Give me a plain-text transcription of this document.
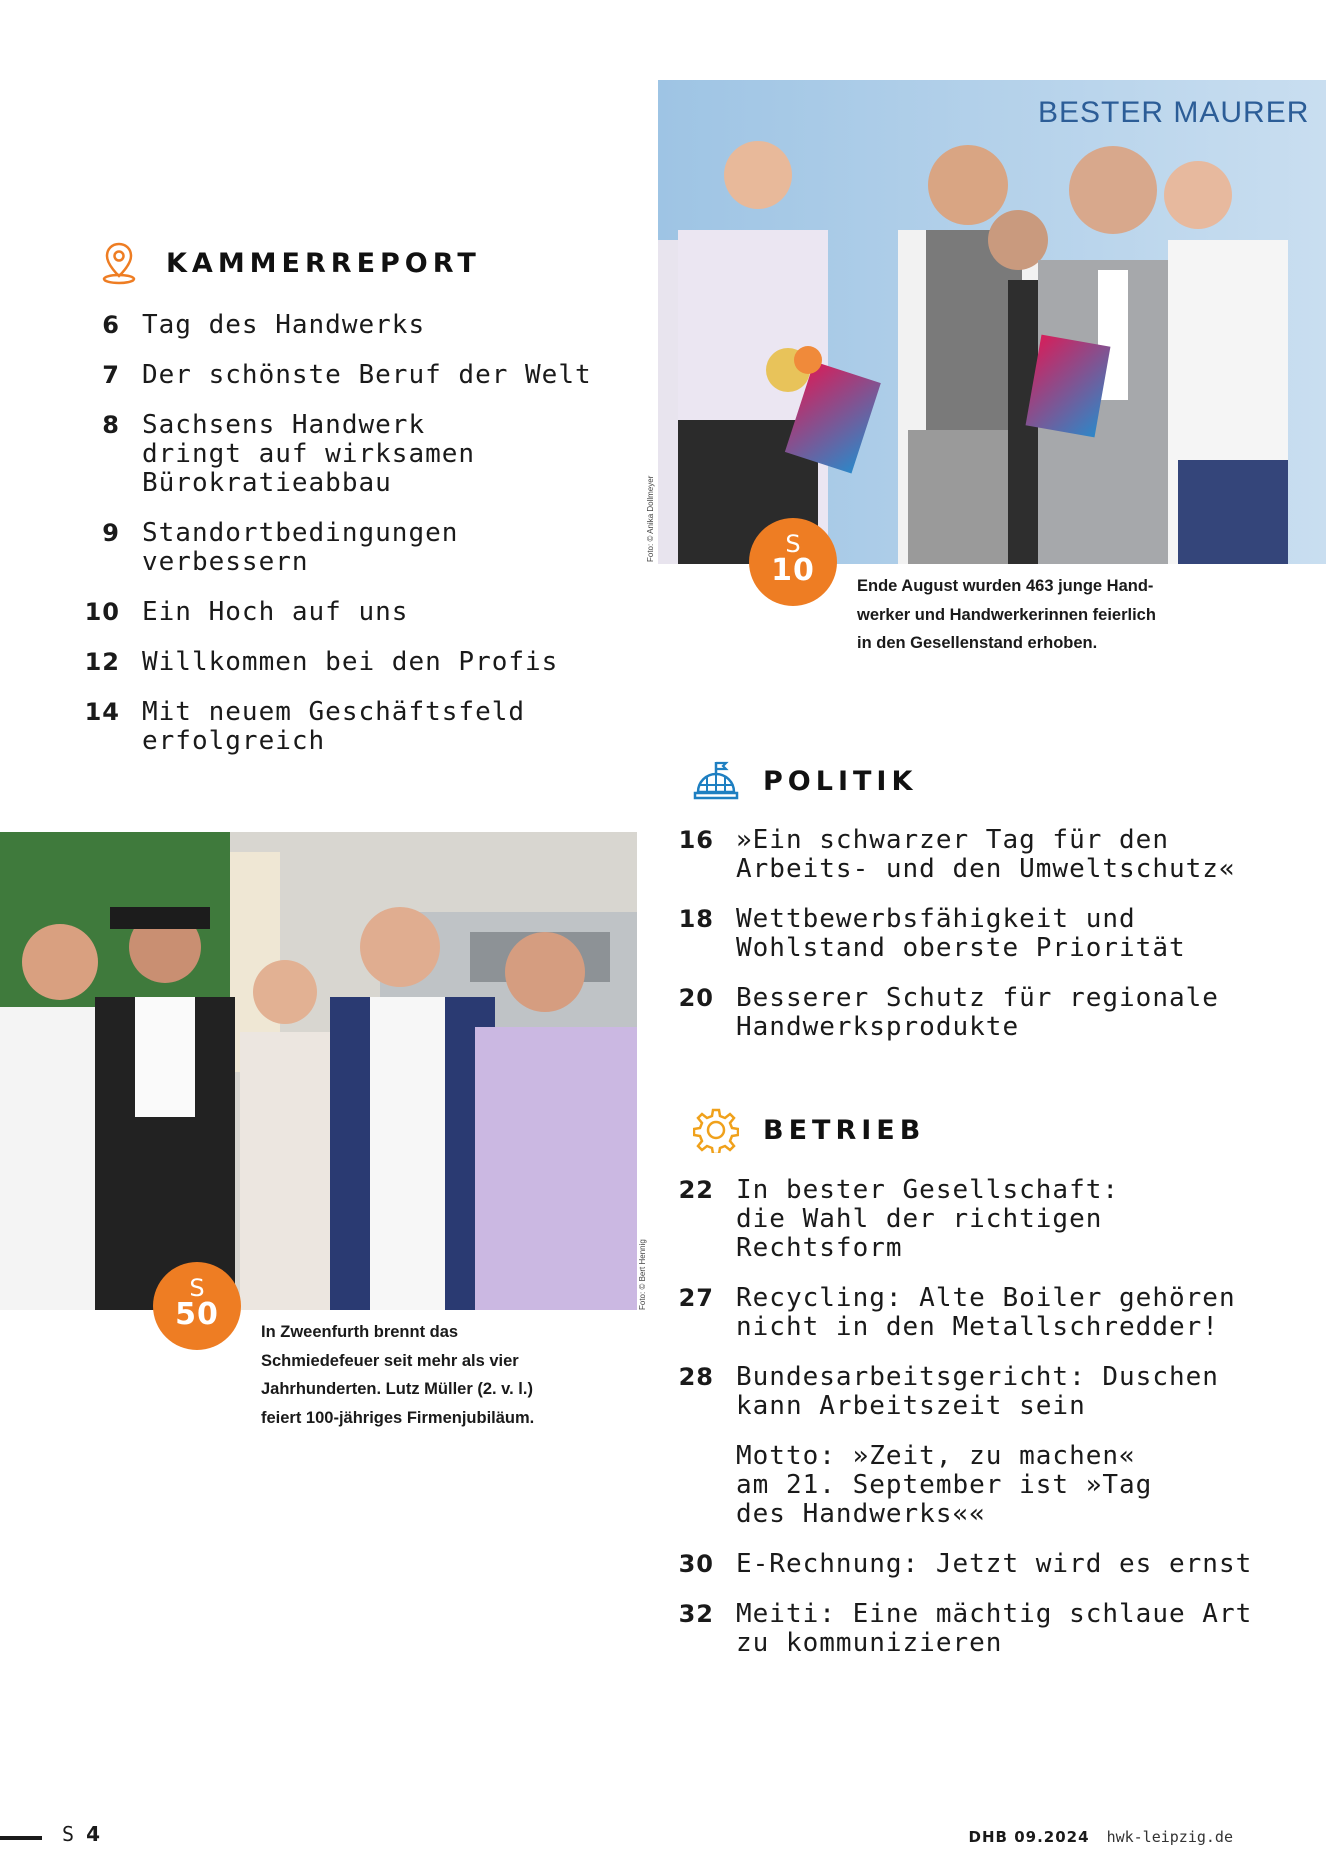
BESTER MAURER
Foto: © Anika Dollmeyer	S
10	Ende August wurden 463 junge Hand-
werker und Handwerkerinnen feierlich
in den Gesellenstand erhoben.
KAMMERREPORT
6 Tag des Handwerks
7 Der schönste Beruf der Welt
8 Sachsens Handwerk
dringt auf wirksamen
Bürokratieabbau
9 Standortbedingungen
verbessern
10 Ein Hoch auf uns
12 Willkommen bei den Profis
14 Mit neuem Geschäftsfeld
erfolgreich
POLITIK
16 »Ein schwarzer Tag für den
Arbeits- und den Umweltschutz«
18 Wettbewerbsfähigkeit und
Wohlstand oberste Priorität
20 Besserer Schutz für regionale
Handwerksprodukte
Foto: © Bert Hennig
S
50	In Zweenfurth brennt das
Schmiedefeuer seit mehr als vier
Jahrhunderten. Lutz Müller (2. v. l.)
feiert 100-jähriges Firmenjubiläum.
BETRIEB
22 In bester Gesellschaft:
die Wahl der richtigen
Rechtsform
27 Recycling: Alte Boiler gehören
nicht in den Metallschredder!
28 Bundesarbeitsgericht: Duschen
kann Arbeitszeit sein
Motto: »Zeit, zu machen«
am 21. September ist »Tag
des Handwerks««
30 E-Rechnung: Jetzt wird es ernst
32 Meiti: Eine mächtig schlaue Art
zu kommunizieren
S 4	DHB 09.2024 hwk-leipzig.de
